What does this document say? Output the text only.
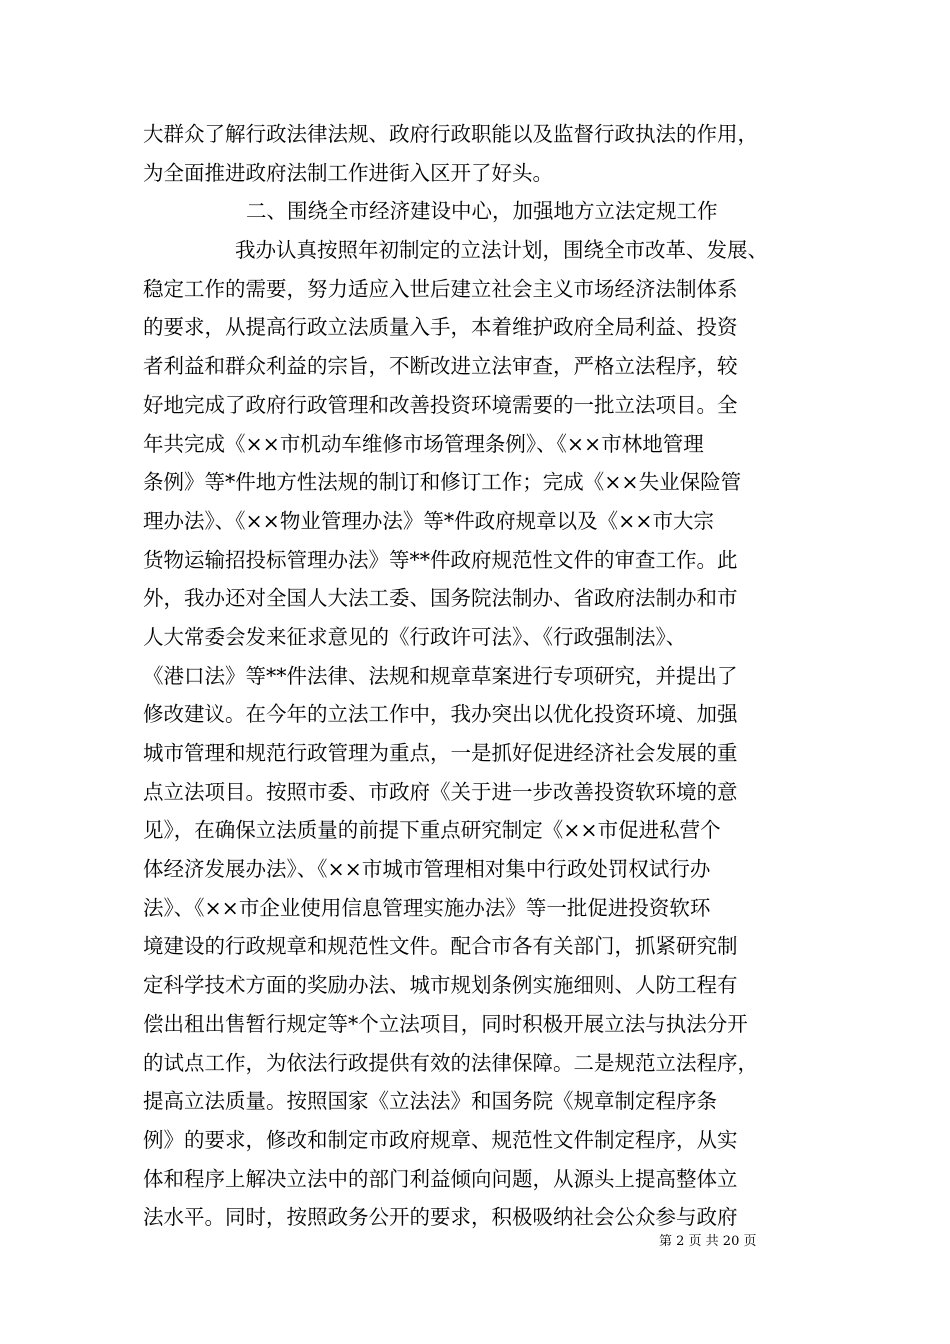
大群众了解行政法律法规、政府行政职能以及监督行政执法的作用，
为全面推进政府法制工作进街入区开了好头。
二、围绕全市经济建设中心，加强地方立法定规工作
我办认真按照年初制定的立法计划，围绕全市改革、发展、
稳定工作的需要，努力适应入世后建立社会主义市场经济法制体系
的要求，从提高行政立法质量入手，本着维护政府全局利益、投资
者利益和群众利益的宗旨，不断改进立法审查，严格立法程序，较
好地完成了政府行政管理和改善投资环境需要的一批立法项目。全
年共完成《××市机动车维修市场管理条例》、《××市林地管理
条例》等*件地方性法规的制订和修订工作；完成《××失业保险管
理办法》、《××物业管理办法》等*件政府规章以及《××市大宗
货物运输招投标管理办法》等**件政府规范性文件的审查工作。此
外，我办还对全国人大法工委、国务院法制办、省政府法制办和市
人大常委会发来征求意见的《行政许可法》、《行政强制法》、
《港口法》等**件法律、法规和规章草案进行专项研究，并提出了
修改建议。在今年的立法工作中，我办突出以优化投资环境、加强
城市管理和规范行政管理为重点，一是抓好促进经济社会发展的重
点立法项目。按照市委、市政府《关于进一步改善投资软环境的意
见》，在确保立法质量的前提下重点研究制定《××市促进私营个
体经济发展办法》、《××市城市管理相对集中行政处罚权试行办
法》、《××市企业使用信息管理实施办法》等一批促进投资软环
境建设的行政规章和规范性文件。配合市各有关部门，抓紧研究制
定科学技术方面的奖励办法、城市规划条例实施细则、人防工程有
偿出租出售暂行规定等*个立法项目，同时积极开展立法与执法分开
的试点工作，为依法行政提供有效的法律保障。二是规范立法程序，
提高立法质量。按照国家《立法法》和国务院《规章制定程序条
例》的要求，修改和制定市政府规章、规范性文件制定程序，从实
体和程序上解决立法中的部门利益倾向问题，从源头上提高整体立
法水平。同时，按照政务公开的要求，积极吸纳社会公众参与政府
第 2 页 共 20 页
